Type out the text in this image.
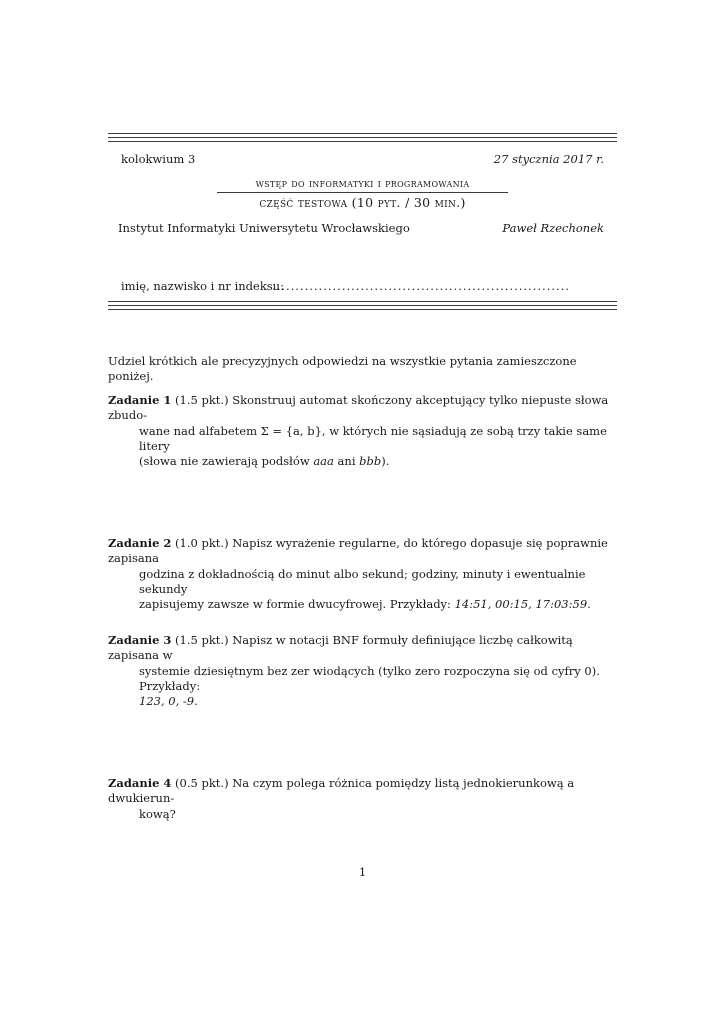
kolokwium 3	27 stycznia 2017 r.
wstęp do informatyki i programowania
część testowa (10 pyt. / 30 min.)
Instytut Informatyki Uniwersytetu Wrocławskiego	Paweł Rzechonek
imię, nazwisko i nr indeksu:
................................................................
Udziel krótkich ale precyzyjnych odpowiedzi na wszystkie pytania zamieszczone poniżej.
Zadanie 1 (1.5 pkt.) Skonstruuj automat skończony akceptujący tylko niepuste słowa zbudo-
wane nad alfabetem Σ = {a, b}, w których nie sąsiadują ze sobą trzy takie same litery
(słowa nie zawierają podsłów aaa ani bbb).
Zadanie 2 (1.0 pkt.) Napisz wyrażenie regularne, do którego dopasuje się poprawnie zapisana
godzina z dokładnością do minut albo sekund; godziny, minuty i ewentualnie sekundy
zapisujemy zawsze w formie dwucyfrowej. Przykłady: 14:51, 00:15, 17:03:59.
Zadanie 3 (1.5 pkt.) Napisz w notacji BNF formuły definiujące liczbę całkowitą zapisana w
systemie dziesiętnym bez zer wiodących (tylko zero rozpoczyna się od cyfry 0). Przykłady:
123, 0, -9.
Zadanie 4 (0.5 pkt.) Na czym polega różnica pomiędzy listą jednokierunkową a dwukierun-
kową?
1
